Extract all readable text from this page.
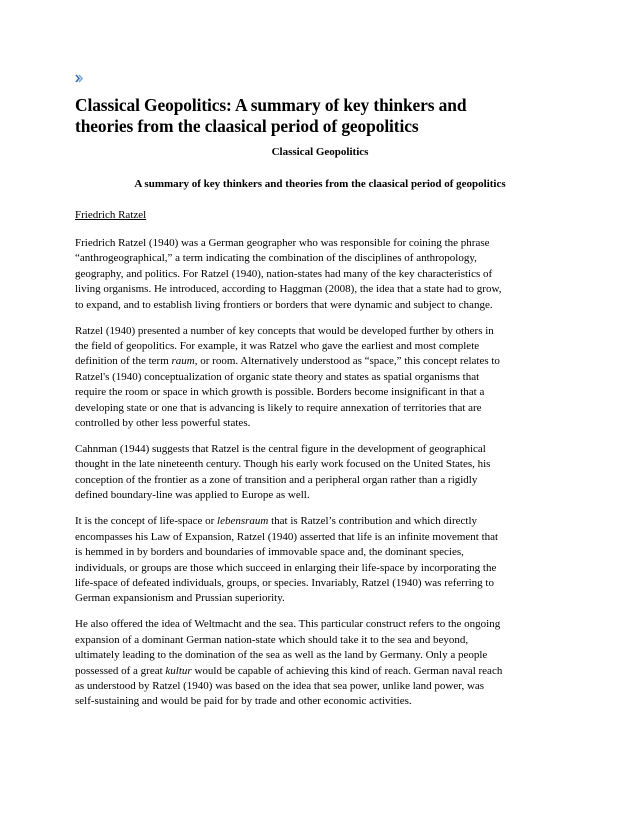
Classical Geopolitics: A summary of key thinkers and
theories from the claasical period of geopolitics

Classical Geopolitics

A summary of key thinkers and theories from the claasical period of geopolitics

Friedrich Ratzel

Friedrich Ratzel (1940) was a German geographer who was responsible for coining the phrase
“anthrogeographical,” a term indicating the combination of the disciplines of anthropology,
geography, and politics. For Ratzel (1940), nation-states had many of the key characteristics of
living organisms. He introduced, according to Haggman (2008), the idea that a state had to grow,
to expand, and to establish living frontiers or borders that were dynamic and subject to change.

Ratzel (1940) presented a number of key concepts that would be developed further by others in
the field of geopolitics. For example, it was Ratzel who gave the earliest and most complete
definition of the term raum, or room. Alternatively understood as “space,” this concept relates to
Ratzel's (1940) conceptualization of organic state theory and states as spatial organisms that
require the room or space in which growth is possible. Borders become insignificant in that a
developing state or one that is advancing is likely to require annexation of territories that are
controlled by other less powerful states.

Cahnman (1944) suggests that Ratzel is the central figure in the development of geographical
thought in the late nineteenth century. Though his early work focused on the United States, his
conception of the frontier as a zone of transition and a peripheral organ rather than a rigidly
defined boundary-line was applied to Europe as well.

It is the concept of life-space or lebensraum that is Ratzel’s contribution and which directly
encompasses his Law of Expansion, Ratzel (1940) asserted that life is an infinite movement that
is hemmed in by borders and boundaries of immovable space and, the dominant species,
individuals, or groups are those which succeed in enlarging their life-space by incorporating the
life-space of defeated individuals, groups, or species. Invariably, Ratzel (1940) was referring to
German expansionism and Prussian superiority.

He also offered the idea of Weltmacht and the sea. This particular construct refers to the ongoing
expansion of a dominant German nation-state which should take it to the sea and beyond,
ultimately leading to the domination of the sea as well as the land by Germany. Only a people
possessed of a great kultur would be capable of achieving this kind of reach. German naval reach
as understood by Ratzel (1940) was based on the idea that sea power, unlike land power, was
self-sustaining and would be paid for by trade and other economic activities.
